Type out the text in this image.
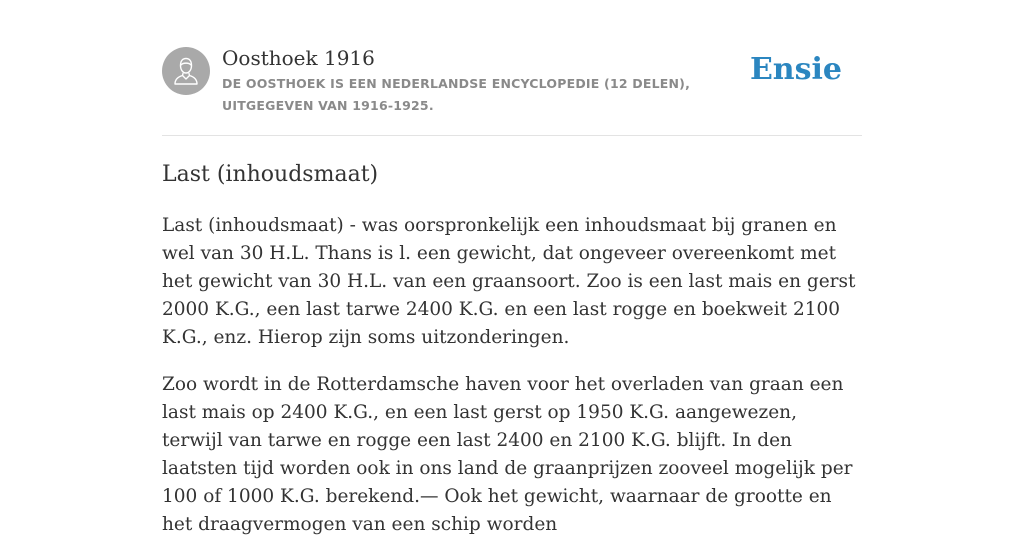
Oosthoek 1916
DE OOSTHOEK IS EEN NEDERLANDSE ENCYCLOPEDIE (12 DELEN), UITGEGEVEN VAN 1916-1925.
Ensie
Last (inhoudsmaat)

Last (inhoudsmaat) - was oorspronkelijk een inhoudsmaat bij granen en wel van 30 H.L. Thans is l. een gewicht, dat ongeveer overeenkomt met het gewicht van 30 H.L. van een graansoort. Zoo is een last mais en gerst 2000 K.G., een last tarwe 2400 K.G. en een last rogge en boekweit 2100 K.G., enz. Hierop zijn soms uitzonderingen.

Zoo wordt in de Rotterdamsche haven voor het overladen van graan een last mais op 2400 K.G., en een last gerst op 1950 K.G. aangewezen, terwijl van tarwe en rogge een last 2400 en 2100 K.G. blijft. In den laatsten tijd worden ook in ons land de graanprijzen zooveel mogelijk per 100 of 1000 K.G. berekend.— Ook het gewicht, waarnaar de grootte en het draagvermogen van een schip worden
